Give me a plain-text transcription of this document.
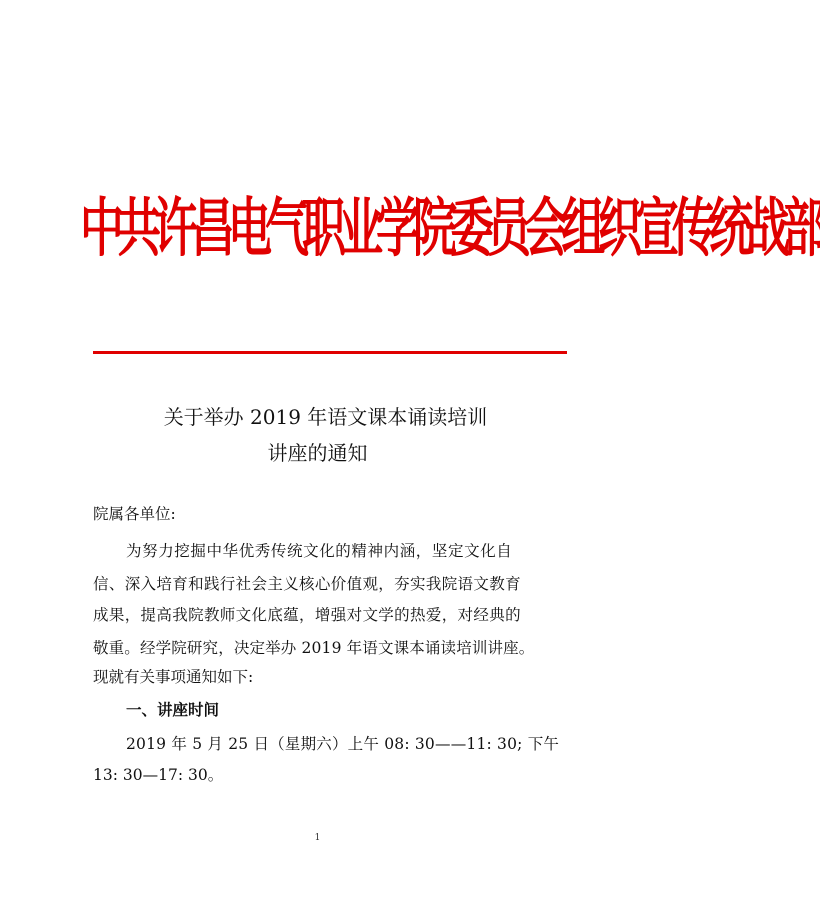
中共许昌电气职业学院委员会组织宣传统战部
关于举办 2019 年语文课本诵读培训
讲座的通知
院属各单位:
为努力挖掘中华优秀传统文化的精神内涵，坚定文化自
信、深入培育和践行社会主义核心价值观，夯实我院语文教育
成果，提高我院教师文化底蕴，增强对文学的热爱，对经典的
敬重。经学院研究，决定举办 2019 年语文课本诵读培训讲座。
现就有关事项通知如下:
一、讲座时间
2019 年 5 月 25 日（星期六）上午 08: 30——11: 30; 下午
13: 30—17: 30。
1
